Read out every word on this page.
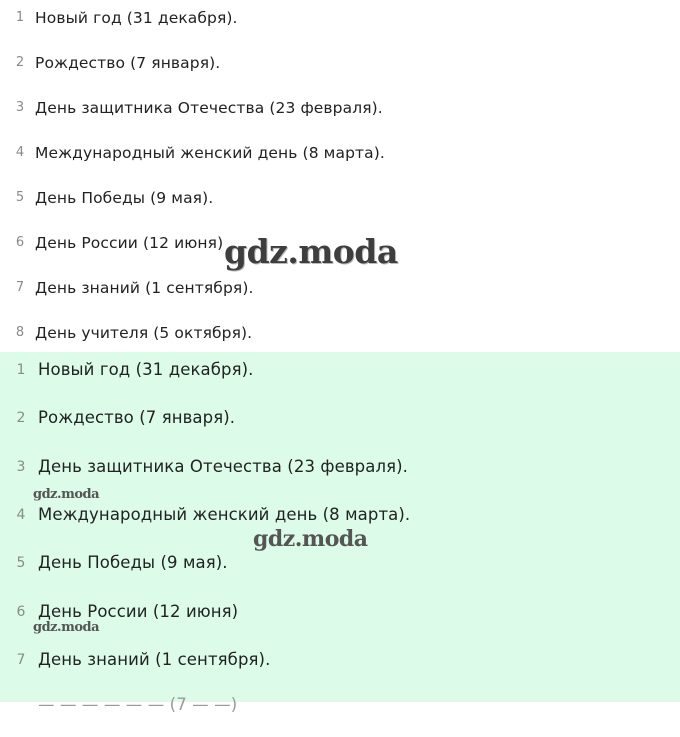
1 Новый год (31 декабря).
2 Рождество (7 января).
3 День защитника Отечества (23 февраля).
4 Международный женский день (8 марта).
5 День Победы (9 мая).
6 День России (12 июня)
7 День знаний (1 сентября).
8 День учителя (5 октября).
1 Новый год (31 декабря).
2 Рождество (7 января).
3 День защитника Отечества (23 февраля).
4 Международный женский день (8 марта).
5 День Победы (9 мая).
6 День России (12 июня)
7 День знаний (1 сентября).
— — — — — — (7 — —)
gdz.moda
gdz.moda
gdz.moda
gdz.moda
